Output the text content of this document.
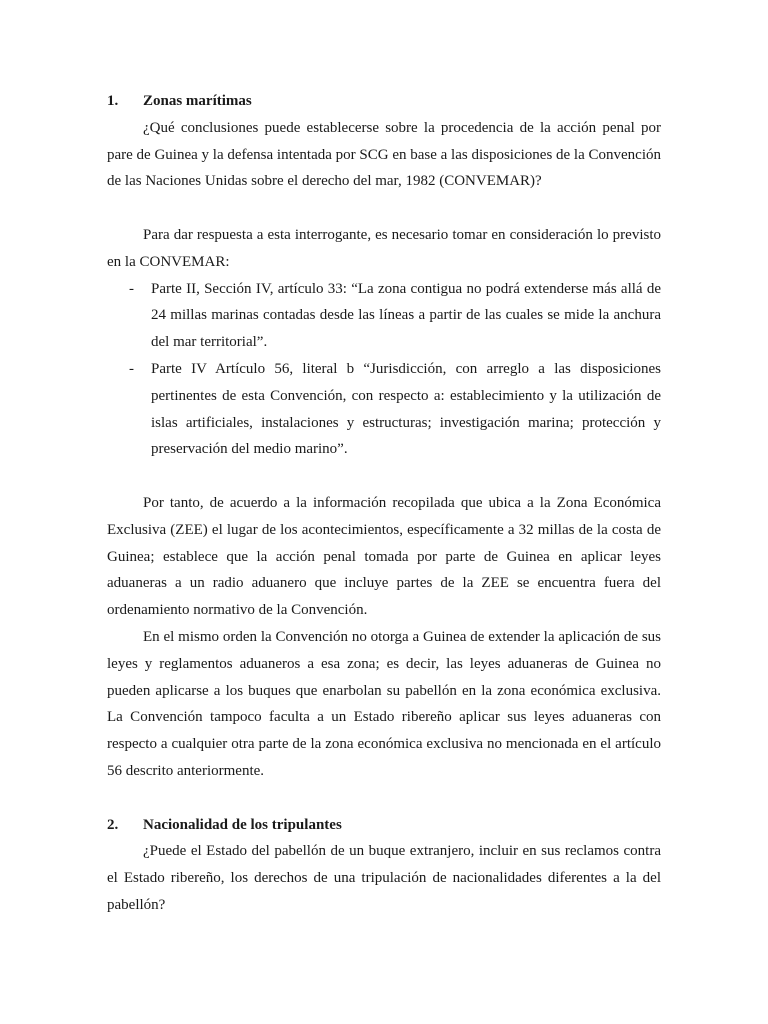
1.	Zonas marítimas

¿Qué conclusiones puede establecerse sobre la procedencia de la acción penal por pare de Guinea y la defensa intentada por SCG en base a las disposiciones de la Convención de las Naciones Unidas sobre el derecho del mar, 1982 (CONVEMAR)?

Para dar respuesta a esta interrogante, es necesario tomar en consideración lo previsto en la CONVEMAR:

- Parte II, Sección IV, artículo 33: “La zona contigua no podrá extenderse más allá de 24 millas marinas contadas desde las líneas a partir de las cuales se mide la anchura del mar territorial”.
- Parte IV Artículo 56, literal b “Jurisdicción, con arreglo a las disposiciones pertinentes de esta Convención, con respecto a: establecimiento y la utilización de islas artificiales, instalaciones y estructuras; investigación marina; protección y preservación del medio marino”.

Por tanto, de acuerdo a la información recopilada que ubica a la Zona Económica Exclusiva (ZEE) el lugar de los acontecimientos, específicamente a 32 millas de la costa de Guinea; establece que la acción penal tomada por parte de Guinea en aplicar leyes aduaneras a un radio aduanero que incluye partes de la ZEE se encuentra fuera del ordenamiento normativo de la Convención.

En el mismo orden la Convención no otorga a Guinea de extender la aplicación de sus leyes y reglamentos aduaneros a esa zona; es decir, las leyes aduaneras de Guinea no pueden aplicarse a los buques que enarbolan su pabellón en la zona económica exclusiva. La Convención tampoco faculta a un Estado ribereño aplicar sus leyes aduaneras con respecto a cualquier otra parte de la zona económica exclusiva no mencionada en el artículo 56 descrito anteriormente.

2.	Nacionalidad de los tripulantes

¿Puede el Estado del pabellón de un buque extranjero, incluir en sus reclamos contra el Estado ribereño, los derechos de una tripulación de nacionalidades diferentes a la del pabellón?
